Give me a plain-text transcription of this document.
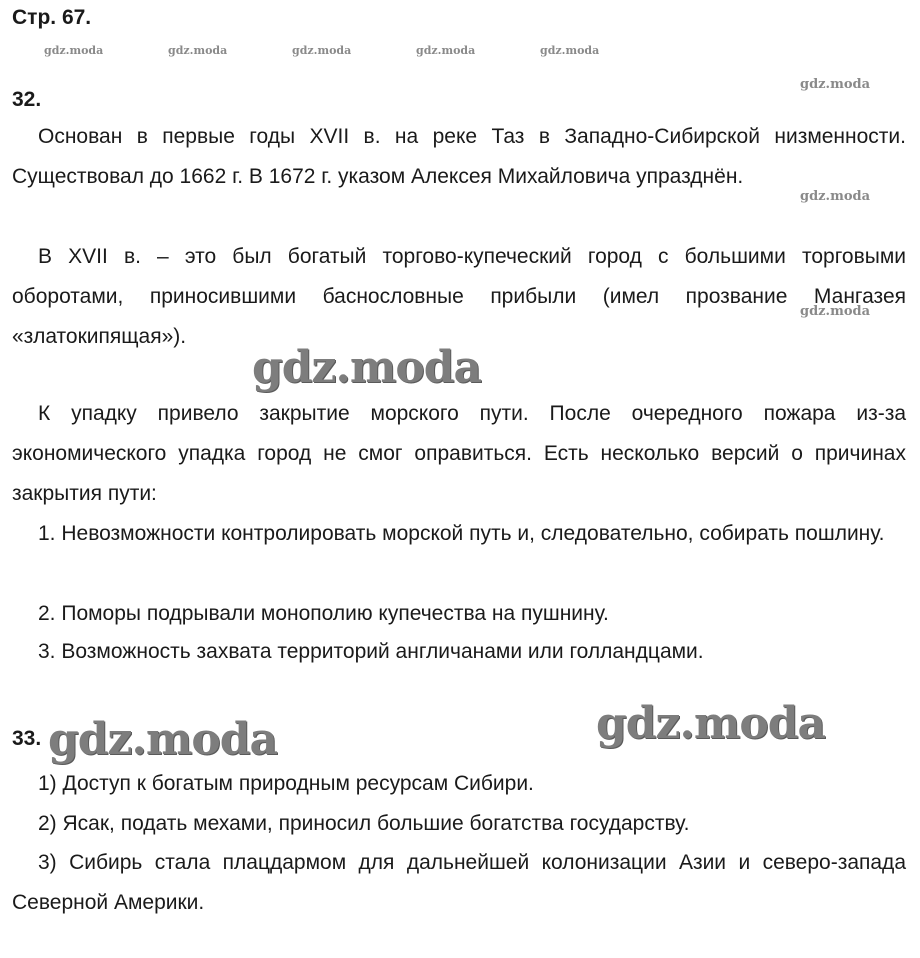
Стр. 67.
gdz.moda	gdz.moda	gdz.moda	gdz.moda	gdz.moda
gdz.moda
gdz.moda
gdz.moda
32.
Основан в первые годы XVII в. на реке Таз в Западно-Сибирской низменности. Существовал до 1662 г. В 1672 г. указом Алексея Михайловича упразднён.
В XVII в. – это был богатый торгово-купеческий город с большими торговыми оборотами, приносившими баснословные прибыли (имел прозвание Мангазея «златокипящая»).
gdz.moda
К упадку привело закрытие морского пути. После очередного пожара из-за экономического упадка город не смог оправиться. Есть несколько версий о причинах закрытия пути:
1. Невозможности контролировать морской путь и, следовательно, собирать пошлину.
2. Поморы подрывали монополию купечества на пушнину.
3. Возможность захвата территорий англичанами или голландцами.
33. gdz.moda	gdz.moda
1) Доступ к богатым природным ресурсам Сибири.
2) Ясак, подать мехами, приносил большие богатства государству.
3) Сибирь стала плацдармом для дальнейшей колонизации Азии и северо-запада Северной Америки.
